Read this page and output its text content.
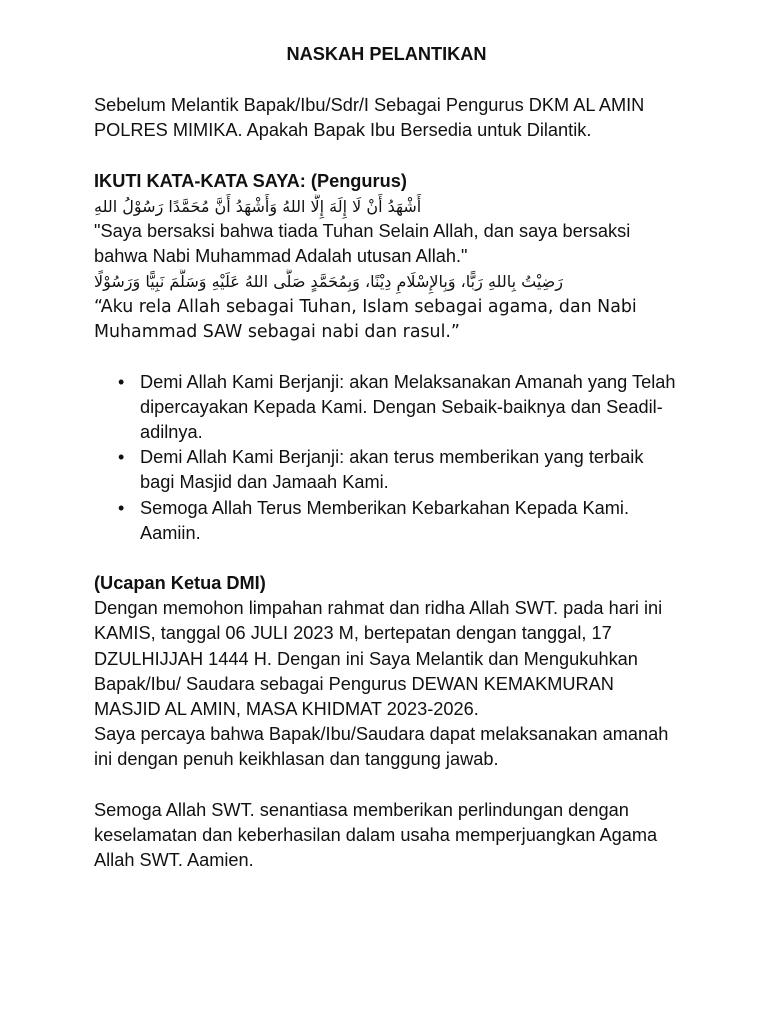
NASKAH PELANTIKAN

Sebelum Melantik Bapak/Ibu/Sdr/I Sebagai Pengurus DKM AL AMIN POLRES MIMIKA. Apakah Bapak Ibu Bersedia untuk Dilantik.

IKUTI KATA-KATA SAYA: (Pengurus)

أَشْهَدُ أَنْ لَا إِلَهَ إِلَّا اللهُ وَأَشْهَدُ أَنَّ مُحَمَّدًا رَسُوْلُ اللهِ

"Saya bersaksi bahwa tiada Tuhan Selain Allah, dan saya bersaksi bahwa Nabi Muhammad Adalah utusan Allah."

رَضِيْتُ بِاللهِ رَبًّا، وَبِالإِسْلَامِ دِيْنًا، وَبِمُحَمَّدٍ صَلَّى اللهُ عَلَيْهِ وَسَلَّمَ نَبِيًّا وَرَسُوْلًا

“Aku rela Allah sebagai Tuhan, Islam sebagai agama, dan Nabi Muhammad SAW sebagai nabi dan rasul.”

• Demi Allah Kami Berjanji: akan Melaksanakan Amanah yang Telah dipercayakan Kepada Kami. Dengan Sebaik-baiknya dan Seadil-adilnya.
• Demi Allah Kami Berjanji: akan terus memberikan yang terbaik bagi Masjid dan Jamaah Kami.
• Semoga Allah Terus Memberikan Kebarkahan Kepada Kami. Aamiin.

(Ucapan Ketua DMI)

Dengan memohon limpahan rahmat dan ridha Allah SWT. pada hari ini KAMIS, tanggal 06 JULI 2023 M, bertepatan dengan tanggal, 17 DZULHIJJAH 1444 H. Dengan ini Saya Melantik dan Mengukuhkan Bapak/Ibu/ Saudara sebagai Pengurus DEWAN KEMAKMURAN MASJID AL AMIN, MASA KHIDMAT 2023-2026.

Saya percaya bahwa Bapak/Ibu/Saudara dapat melaksanakan amanah ini dengan penuh keikhlasan dan tanggung jawab.

Semoga Allah SWT. senantiasa memberikan perlindungan dengan keselamatan dan keberhasilan dalam usaha memperjuangkan Agama Allah SWT. Aamien.
